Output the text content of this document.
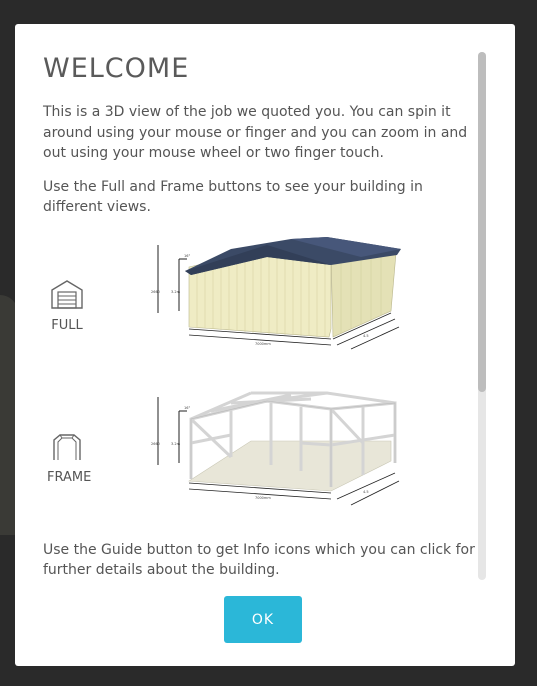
WELCOME

This is a 3D view of the job we quoted you. You can spin it around using your mouse or finger and you can zoom in and out using your mouse wheel or two finger touch.

Use the Full and Frame buttons to see your building in different views.

FULL
2660	3.2m
16°
7000mm
4.5
FRAME
2660	3.2m
16°
7000mm
4.5

Use the Guide button to get Info icons which you can click for further details about the building.

OK
